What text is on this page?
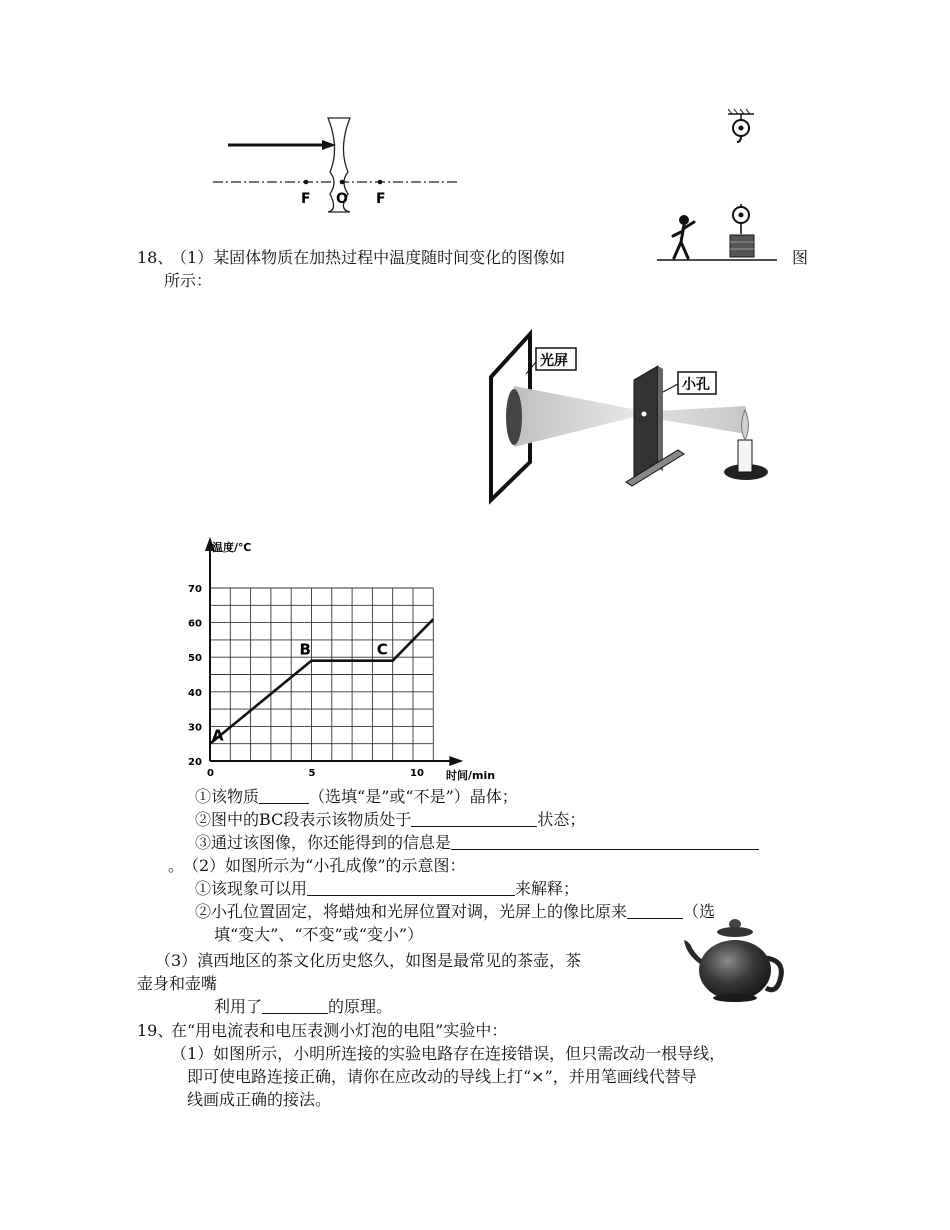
F O F
18、
（1）某固体物质在加热过程中温度随时间变化的图像如	图
所示：
光屏
小孔
20
30
40
50
60
70
0	5	10
A
B	C
温度/℃
时间/min
①该物质	（选填“是”或“不是”）晶体；
②图中的BC段表示该物质处于	状态；
③通过该图像，你还能得到的信息是
。
（2）如图所示为“小孔成像”的示意图：
①该现象可以用	来解释；
②小孔位置固定，将蜡烛和光屏位置对调，光屏上的像比原来	（选
填“变大”、“不变”或“变小”）
（3）滇西地区的茶文化历史悠久，如图是最常见的茶壶，茶
壶身和壶嘴
利用了	的原理。
19、
在“用电流表和电压表测小灯泡的电阻”实验中：
（1）如图所示，小明所连接的实验电路存在连接错误，但只需改动一根导线，
即可使电路连接正确，请你在应改动的导线上打“×”，并用笔画线代替导
线画成正确的接法。
